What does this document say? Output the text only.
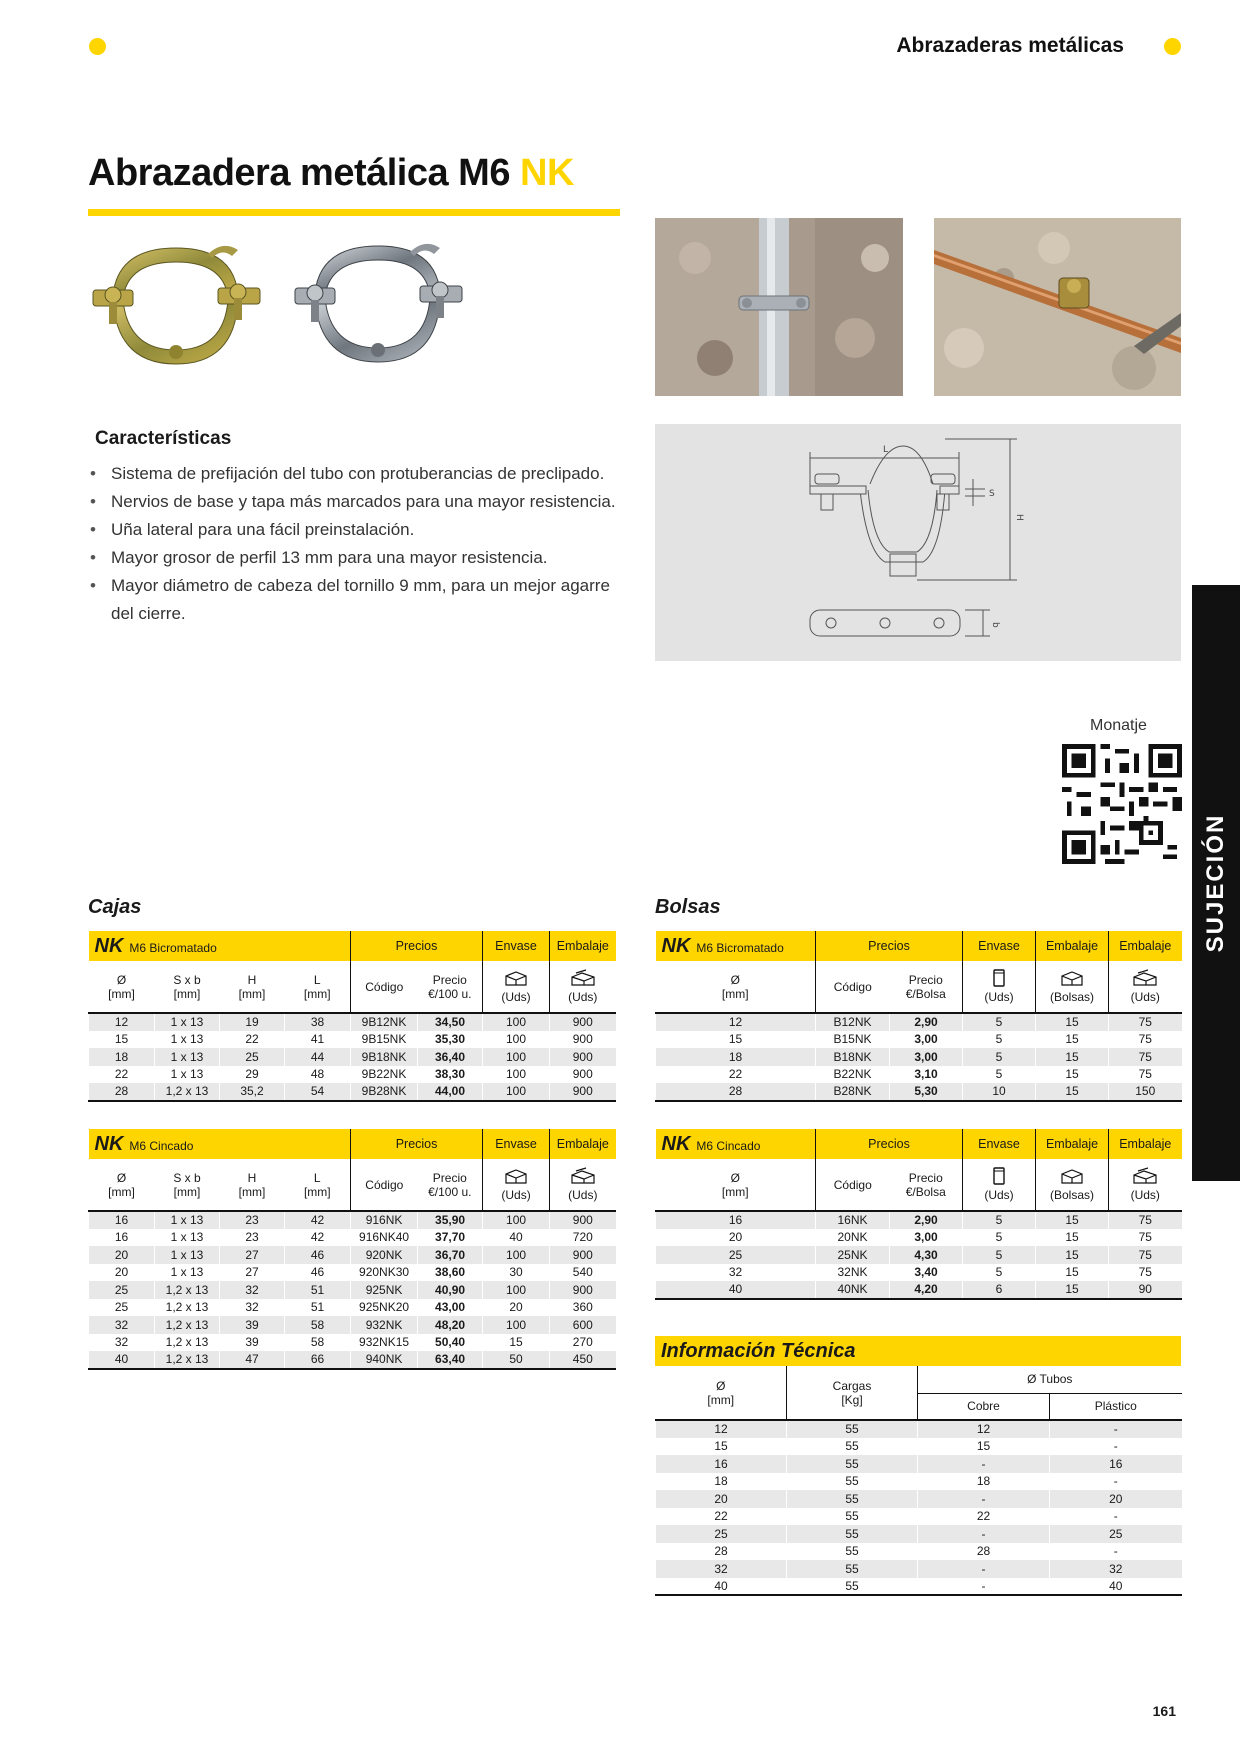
Abrazaderas metálicas
Abrazadera metálica M6 NK
Características
• Sistema de prefijación del tubo con protuberancias de preclipado.
• Nervios de base y tapa más marcados para una mayor resistencia.
• Uña lateral para una fácil preinstalación.
• Mayor grosor de perfil 13 mm para una mayor resistencia.
• Mayor diámetro de cabeza del tornillo 9 mm, para un mejor agarre del cierre.
L
S
H
b
SUJECIÓN
Monatje
Cajas	Bolsas
NK M6 Bicromatado				Precios		Envase	Embalaje
Ø
[mm]	S x b
[mm]	H
[mm]	L
[mm]	Código	Precio
€/100 u.	(Uds)	(Uds)
12	1 x 13	19	38	9B12NK	34,50	100	900
15	1 x 13	22	41	9B15NK	35,30	100	900
18	1 x 13	25	44	9B18NK	36,40	100	900
22	1 x 13	29	48	9B22NK	38,30	100	900
28	1,2 x 13	35,2	54	9B28NK	44,00	100	900
NK M6 Cincado				Precios		Envase	Embalaje
Ø
[mm]	S x b
[mm]	H
[mm]	L
[mm]	Código	Precio
€/100 u.	(Uds)	(Uds)
16	1 x 13	23	42	916NK	35,90	100	900
16	1 x 13	23	42	916NK40	37,70	40	720
20	1 x 13	27	46	920NK	36,70	100	900
20	1 x 13	27	46	920NK30	38,60	30	540
25	1,2 x 13	32	51	925NK	40,90	100	900
25	1,2 x 13	32	51	925NK20	43,00	20	360
32	1,2 x 13	39	58	932NK	48,20	100	600
32	1,2 x 13	39	58	932NK15	50,40	15	270
40	1,2 x 13	47	66	940NK	63,40	50	450
NK M6 Bicromatado	Precios		Envase	Embalaje	Embalaje
Ø
[mm]	Código	Precio
€/Bolsa	(Uds)	(Bolsas)	(Uds)
12	B12NK	2,90	5	15	75
15	B15NK	3,00	5	15	75
18	B18NK	3,00	5	15	75
22	B22NK	3,10	5	15	75
28	B28NK	5,30	10	15	150
NK M6 Cincado	Precios		Envase	Embalaje	Embalaje
Ø
[mm]	Código	Precio
€/Bolsa	(Uds)	(Bolsas)	(Uds)
16	16NK	2,90	5	15	75
20	20NK	3,00	5	15	75
25	25NK	4,30	5	15	75
32	32NK	3,40	5	15	75
40	40NK	4,20	6	15	90
Información Técnica
Ø
[mm]	Cargas
[Kg]	Ø Tubos	
		Cobre	Plástico
12	55	12	-
15	55	15	-
16	55	-	16
18	55	18	-
20	55	-	20
22	55	22	-
25	55	-	25
28	55	28	-
32	55	-	32
40	55	-	40
161
